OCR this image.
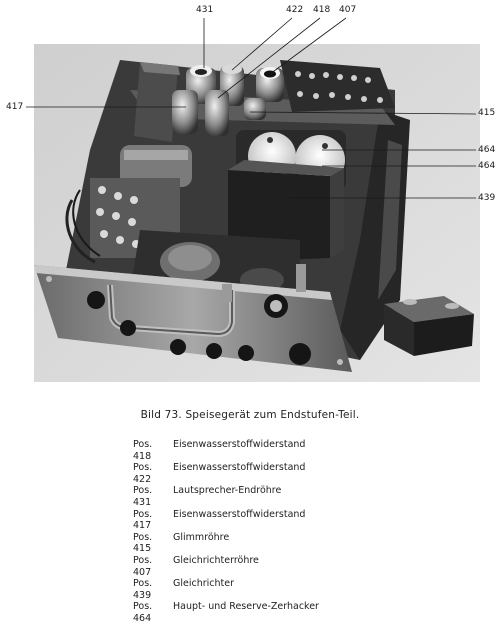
431	422 418 407
417
415
464
464
439
Bild 73. Speisegerät zum Endstufen-Teil.
Pos. 418
Eisenwasserstoffwiderstand
Pos. 422
Eisenwasserstoffwiderstand
Pos. 431
Lautsprecher-Endröhre
Pos. 417
Eisenwasserstoffwiderstand
Pos. 415
Glimmröhre
Pos. 407
Gleichrichterröhre
Pos. 439
Gleichrichter
Pos. 464
Haupt- und Reserve-Zerhacker
